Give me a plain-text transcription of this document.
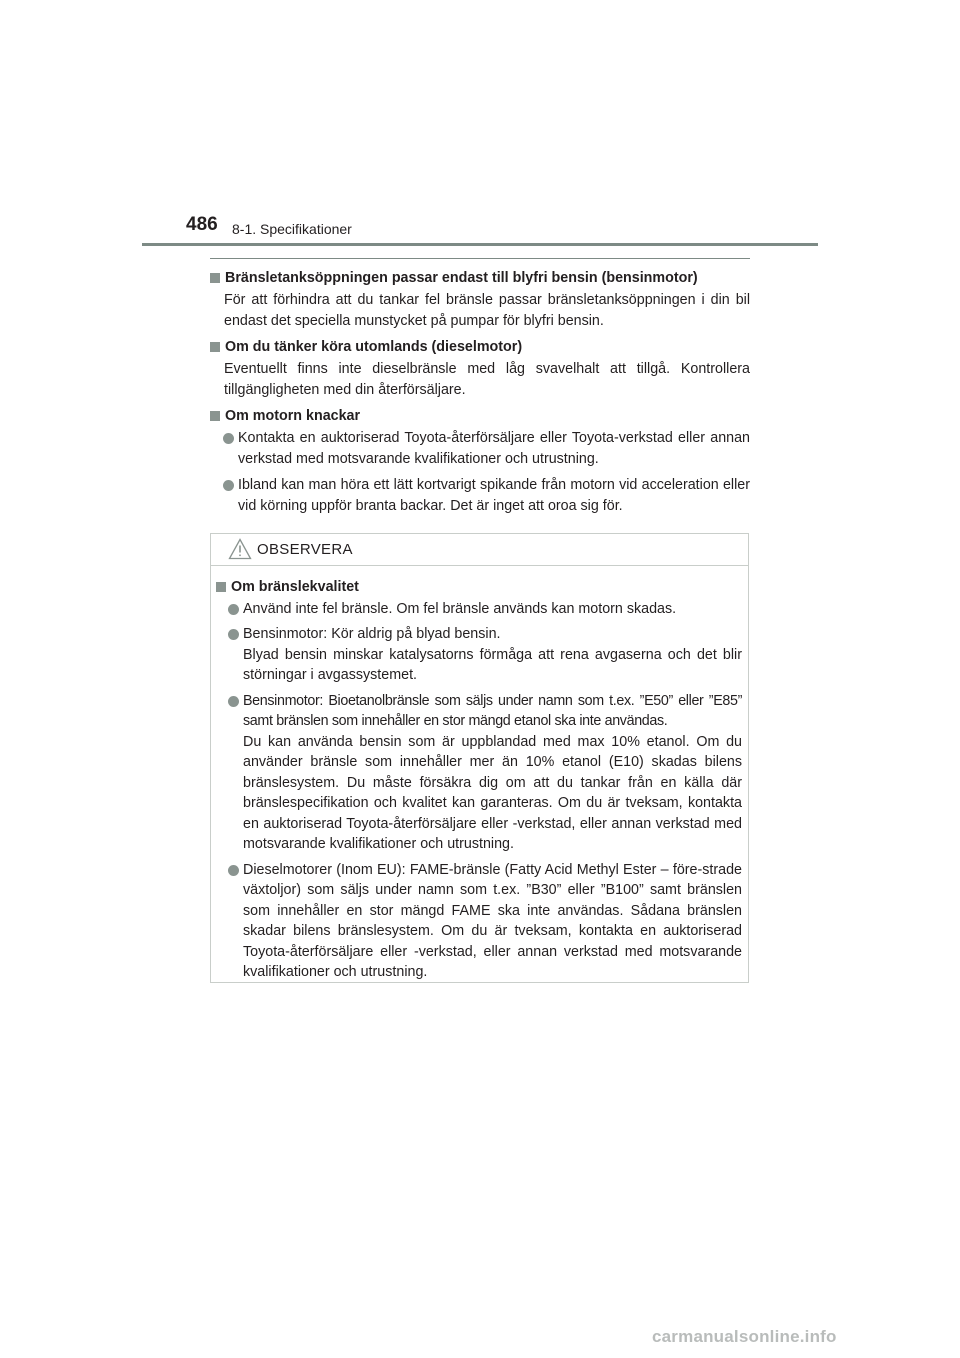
486 8-1. Specifikationer
Bränsletanksöppningen passar endast till blyfri bensin (bensinmotor)
För att förhindra att du tankar fel bränsle passar bränsletanksöppningen i din bil endast det speciella munstycket på pumpar för blyfri bensin.
Om du tänker köra utomlands (dieselmotor)
Eventuellt finns inte dieselbränsle med låg svavelhalt att tillgå. Kontrollera tillgängligheten med din återförsäljare.
Om motorn knackar
Kontakta en auktoriserad Toyota-återförsäljare eller Toyota-verkstad eller annan verkstad med motsvarande kvalifikationer och utrustning.
Ibland kan man höra ett lätt kortvarigt spikande från motorn vid acceleration eller vid körning uppför branta backar. Det är inget att oroa sig för.
OBSERVERA
Om bränslekvalitet
Använd inte fel bränsle. Om fel bränsle används kan motorn skadas.
Bensinmotor: Kör aldrig på blyad bensin.
Blyad bensin minskar katalysatorns förmåga att rena avgaserna och det blir störningar i avgassystemet.
Bensinmotor: Bioetanolbränsle som säljs under namn som t.ex. ”E50” eller ”E85” samt bränslen som innehåller en stor mängd etanol ska inte användas.
Du kan använda bensin som är uppblandad med max 10% etanol. Om du använder bränsle som innehåller mer än 10% etanol (E10) skadas bilens bränslesystem. Du måste försäkra dig om att du tankar från en källa där bränslespecifikation och kvalitet kan garanteras. Om du är tveksam, kontakta en auktoriserad Toyota-återförsäljare eller -verkstad, eller annan verkstad med motsvarande kvalifikationer och utrustning.
Dieselmotorer (Inom EU): FAME-bränsle (Fatty Acid Methyl Ester – före-strade växtoljor) som säljs under namn som t.ex. ”B30” eller ”B100” samt bränslen som innehåller en stor mängd FAME ska inte användas. Sådana bränslen skadar bilens bränslesystem. Om du är tveksam, kontakta en auktoriserad Toyota-återförsäljare eller -verkstad, eller annan verkstad med motsvarande kvalifikationer och utrustning.
carmanualsonline.info
